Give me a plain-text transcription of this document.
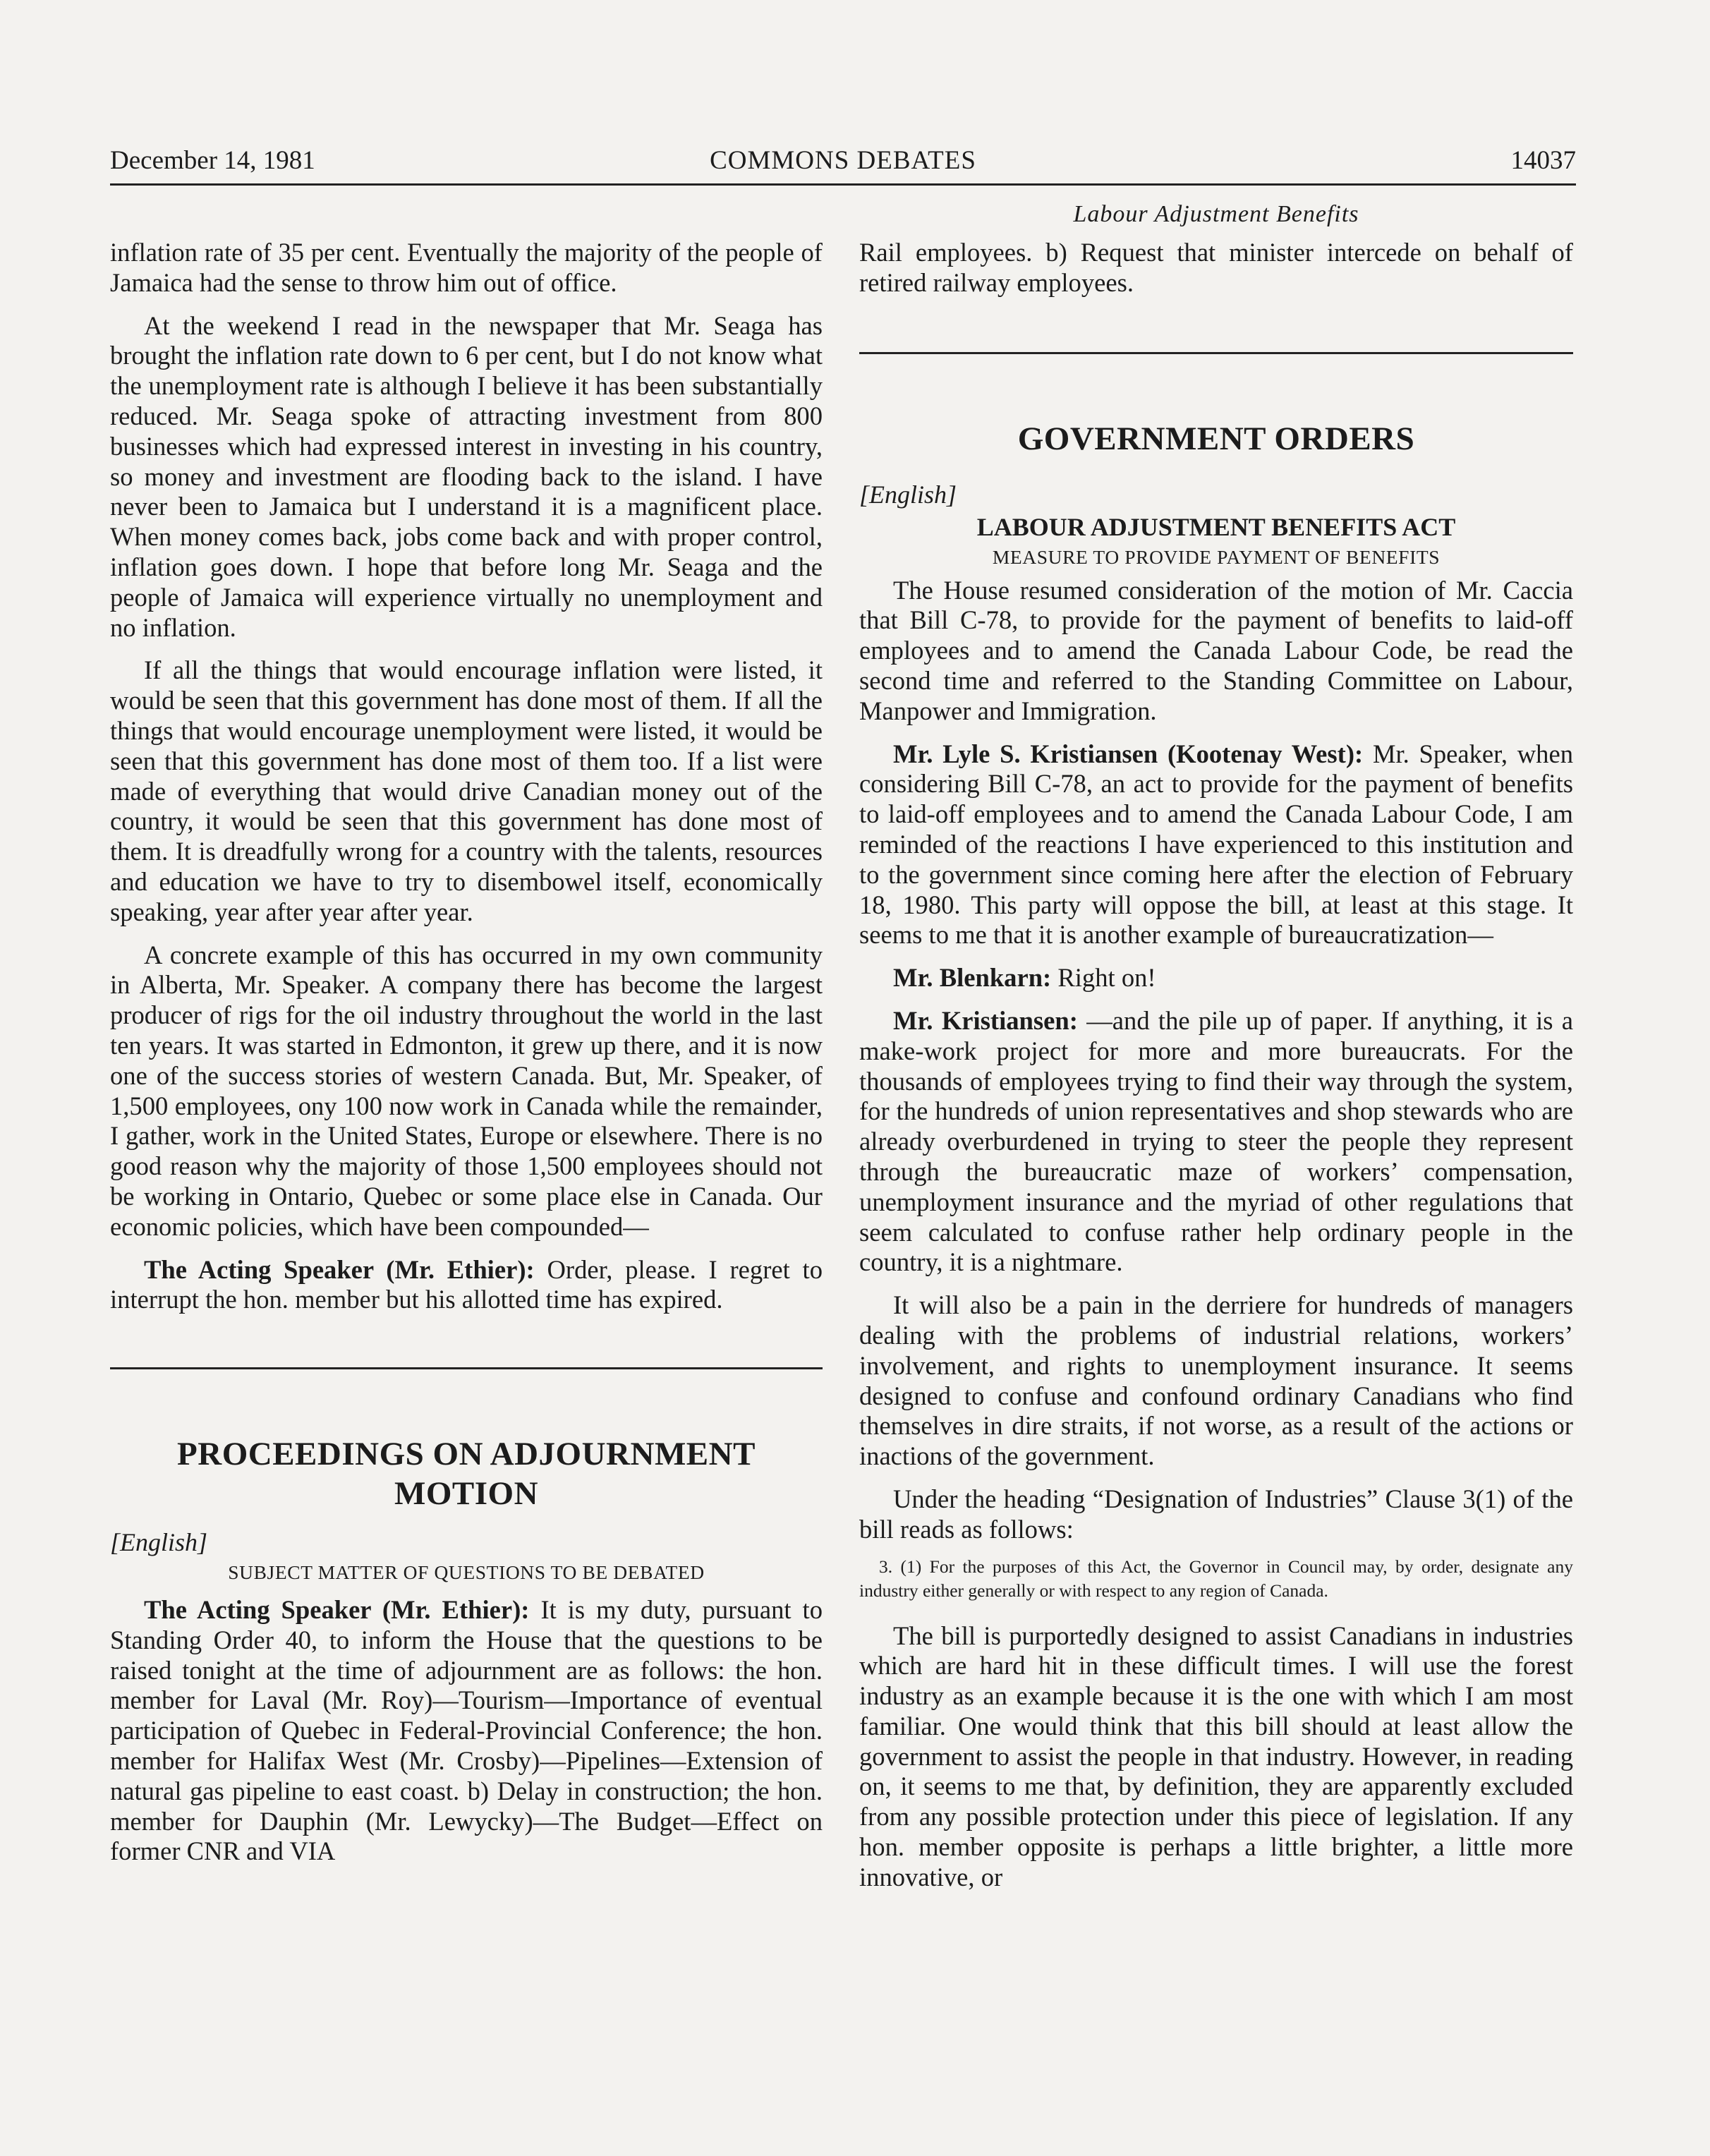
December 14, 1981	COMMONS DEBATES	14037

inflation rate of 35 per cent. Eventually the majority of the people of Jamaica had the sense to throw him out of office.

At the weekend I read in the newspaper that Mr. Seaga has brought the inflation rate down to 6 per cent, but I do not know what the unemployment rate is although I believe it has been substantially reduced. Mr. Seaga spoke of attracting investment from 800 businesses which had expressed interest in investing in his country, so money and investment are flooding back to the island. I have never been to Jamaica but I understand it is a magnificent place. When money comes back, jobs come back and with proper control, inflation goes down. I hope that before long Mr. Seaga and the people of Jamaica will experience virtually no unemployment and no inflation.

If all the things that would encourage inflation were listed, it would be seen that this government has done most of them. If all the things that would encourage unemployment were listed, it would be seen that this government has done most of them too. If a list were made of everything that would drive Canadian money out of the country, it would be seen that this government has done most of them. It is dreadfully wrong for a country with the talents, resources and education we have to try to disembowel itself, economically speaking, year after year after year.

A concrete example of this has occurred in my own community in Alberta, Mr. Speaker. A company there has become the largest producer of rigs for the oil industry throughout the world in the last ten years. It was started in Edmonton, it grew up there, and it is now one of the success stories of western Canada. But, Mr. Speaker, of 1,500 employees, ony 100 now work in Canada while the remainder, I gather, work in the United States, Europe or elsewhere. There is no good reason why the majority of those 1,500 employees should not be working in Ontario, Quebec or some place else in Canada. Our economic policies, which have been compounded—

The Acting Speaker (Mr. Ethier): Order, please. I regret to interrupt the hon. member but his allotted time has expired.

PROCEEDINGS ON ADJOURNMENT MOTION
[English]
SUBJECT MATTER OF QUESTIONS TO BE DEBATED

The Acting Speaker (Mr. Ethier): It is my duty, pursuant to Standing Order 40, to inform the House that the questions to be raised tonight at the time of adjournment are as follows: the hon. member for Laval (Mr. Roy)—Tourism—Importance of eventual participation of Quebec in Federal-Provincial Conference; the hon. member for Halifax West (Mr. Crosby)—Pipelines—Extension of natural gas pipeline to east coast. b) Delay in construction; the hon. member for Dauphin (Mr. Lewycky)—The Budget—Effect on former CNR and VIA

Labour Adjustment Benefits

Rail employees. b) Request that minister intercede on behalf of retired railway employees.

GOVERNMENT ORDERS
[English]
LABOUR ADJUSTMENT BENEFITS ACT
MEASURE TO PROVIDE PAYMENT OF BENEFITS

The House resumed consideration of the motion of Mr. Caccia that Bill C-78, to provide for the payment of benefits to laid-off employees and to amend the Canada Labour Code, be read the second time and referred to the Standing Committee on Labour, Manpower and Immigration.

Mr. Lyle S. Kristiansen (Kootenay West): Mr. Speaker, when considering Bill C-78, an act to provide for the payment of benefits to laid-off employees and to amend the Canada Labour Code, I am reminded of the reactions I have experienced to this institution and to the government since coming here after the election of February 18, 1980. This party will oppose the bill, at least at this stage. It seems to me that it is another example of bureaucratization—

Mr. Blenkarn: Right on!

Mr. Kristiansen: —and the pile up of paper. If anything, it is a make-work project for more and more bureaucrats. For the thousands of employees trying to find their way through the system, for the hundreds of union representatives and shop stewards who are already overburdened in trying to steer the people they represent through the bureaucratic maze of workers’ compensation, unemployment insurance and the myriad of other regulations that seem calculated to confuse rather help ordinary people in the country, it is a nightmare.

It will also be a pain in the derriere for hundreds of managers dealing with the problems of industrial relations, workers’ involvement, and rights to unemployment insurance. It seems designed to confuse and confound ordinary Canadians who find themselves in dire straits, if not worse, as a result of the actions or inactions of the government.

Under the heading “Designation of Industries” Clause 3(1) of the bill reads as follows:

3. (1) For the purposes of this Act, the Governor in Council may, by order, designate any industry either generally or with respect to any region of Canada.

The bill is purportedly designed to assist Canadians in industries which are hard hit in these difficult times. I will use the forest industry as an example because it is the one with which I am most familiar. One would think that this bill should at least allow the government to assist the people in that industry. However, in reading on, it seems to me that, by definition, they are apparently excluded from any possible protection under this piece of legislation. If any hon. member opposite is perhaps a little brighter, a little more innovative, or
